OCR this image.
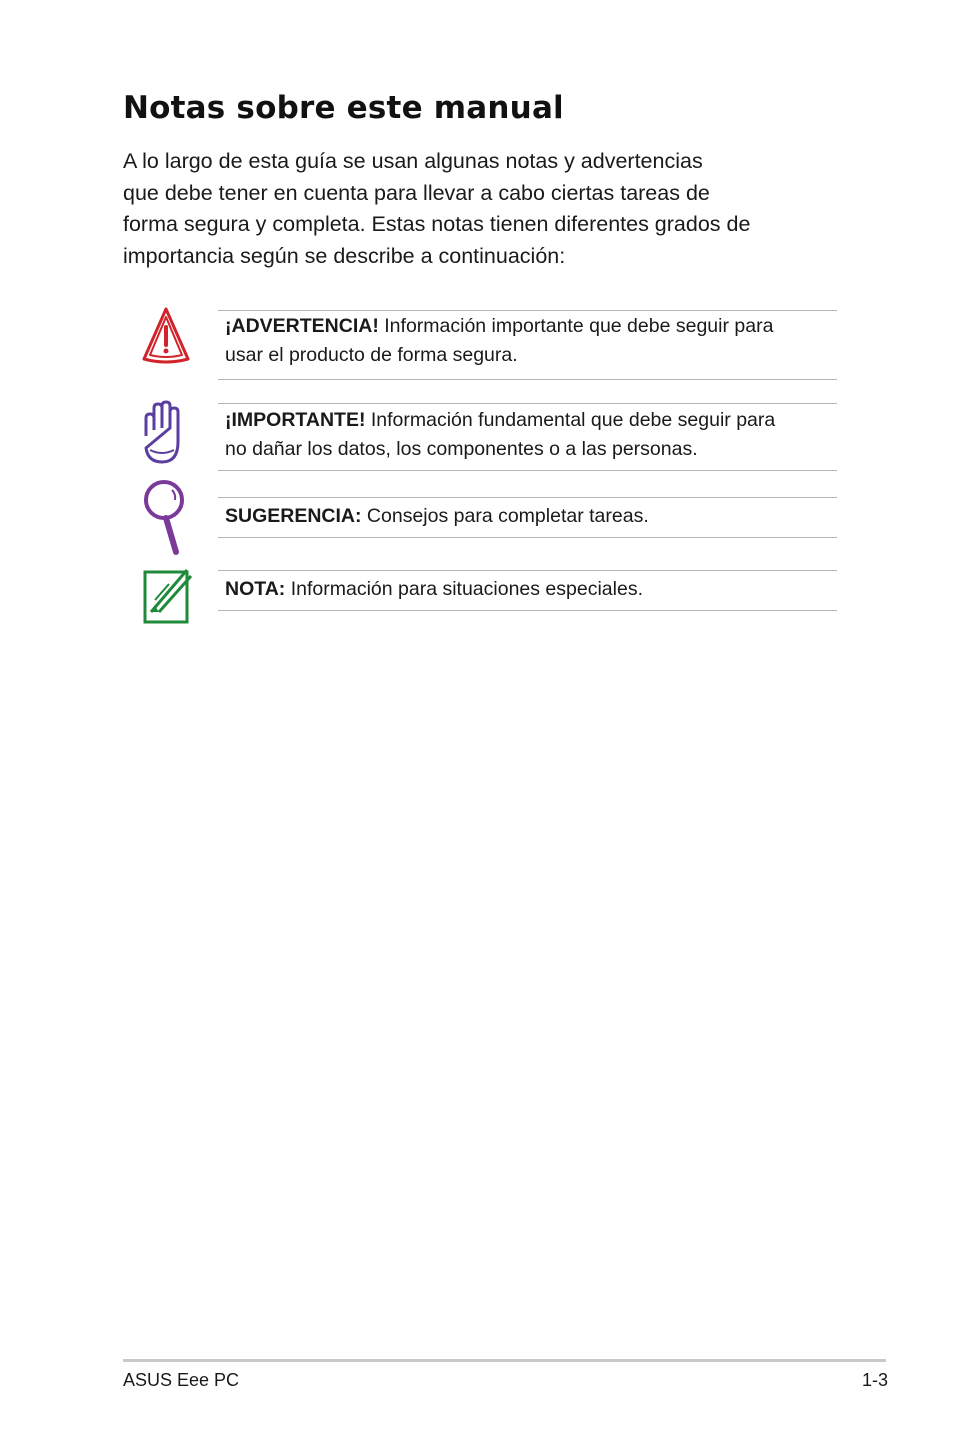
Notas sobre este manual
A lo largo de esta guía se usan algunas notas y advertencias
que debe tener en cuenta para llevar a cabo ciertas tareas de
forma segura y completa. Estas notas tienen diferentes grados de
importancia según se describe a continuación:

¡ADVERTENCIA! Información importante que debe seguir para
usar el producto de forma segura.

¡IMPORTANTE! Información fundamental que debe seguir para
no dañar los datos, los componentes o a las personas.

SUGERENCIA: Consejos para completar tareas.

NOTA: Información para situaciones especiales.

ASUS Eee PC	1-3
